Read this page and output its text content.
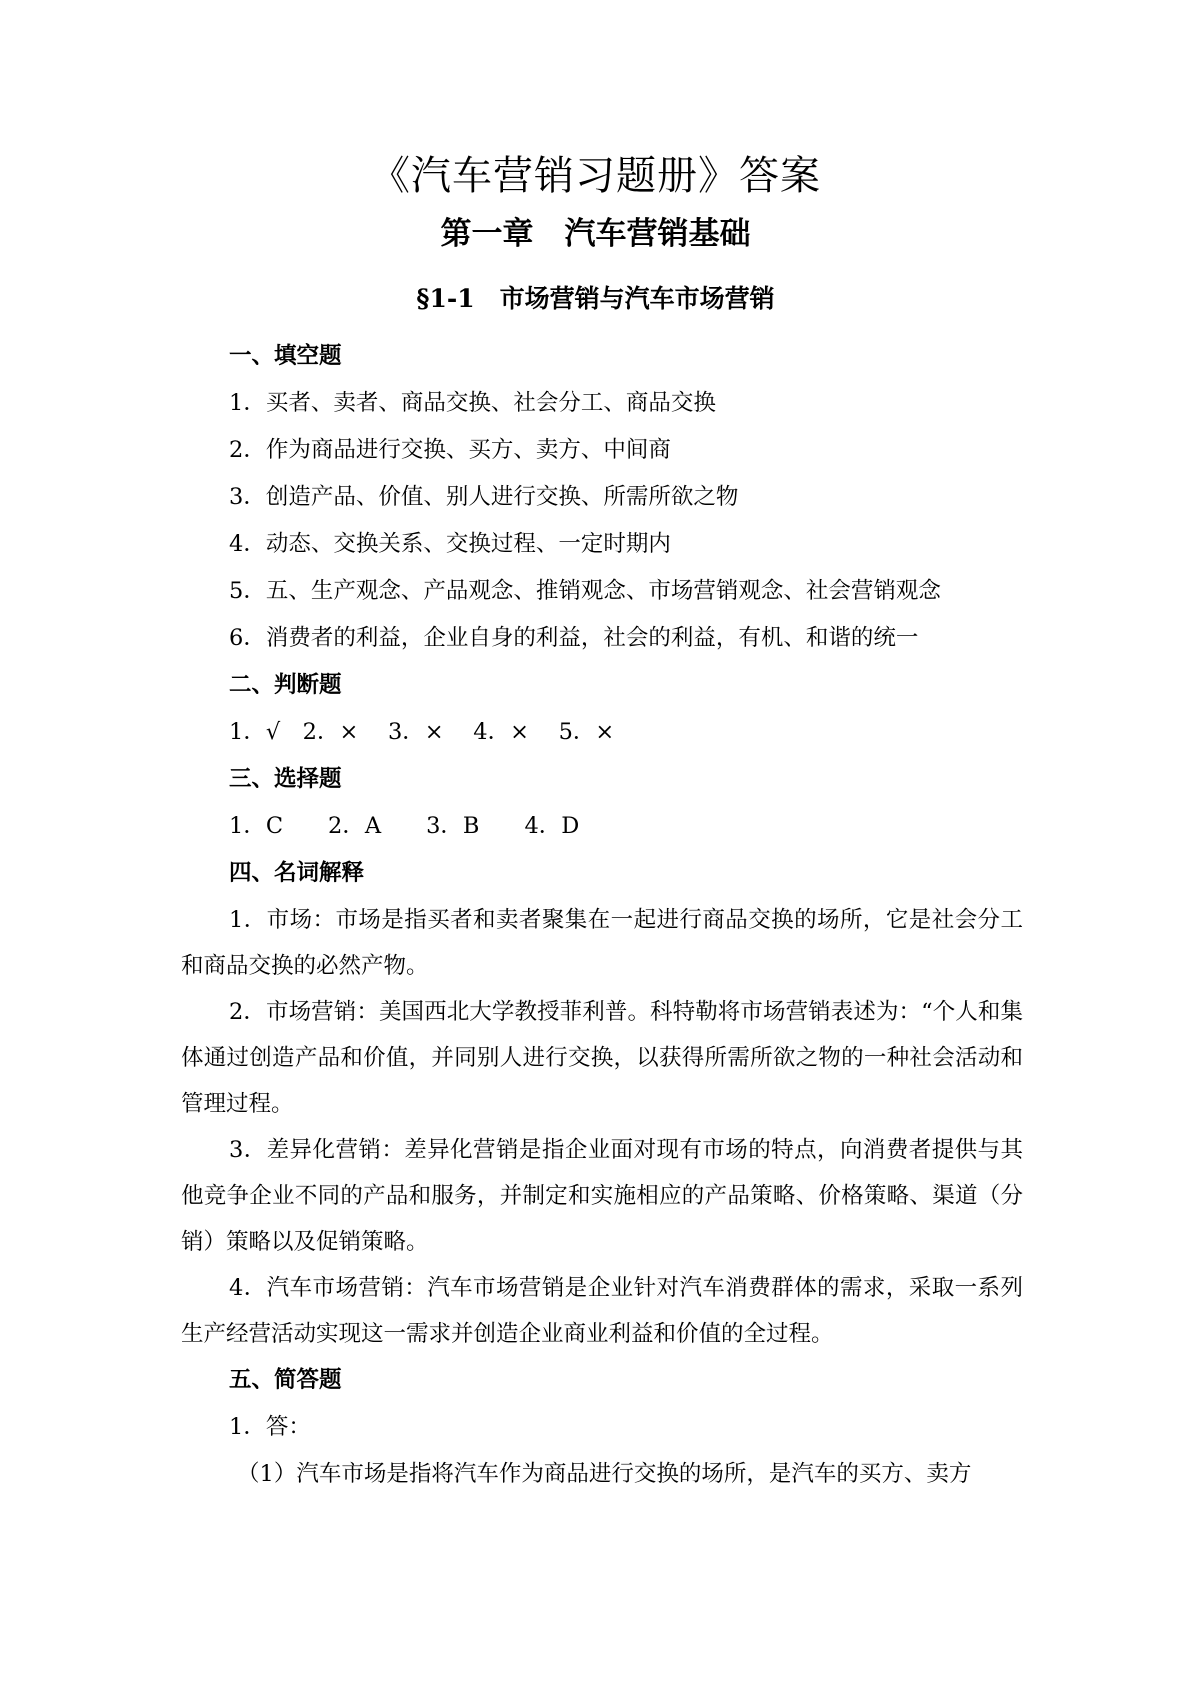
《汽车营销习题册》答案
第一章　汽车营销基础
§1-1　市场营销与汽车市场营销
一、填空题

1．买者、卖者、商品交换、社会分工、商品交换

2．作为商品进行交换、买方、卖方、中间商

3．创造产品、价值、别人进行交换、所需所欲之物

4．动态、交换关系、交换过程、一定时期内

5．五、生产观念、产品观念、推销观念、市场营销观念、社会营销观念

6．消费者的利益，企业自身的利益，社会的利益，有机、和谐的统一

二、判断题

1．√　2．×　 3．×　 4．×　 5．×

三、选择题

1．C　　2．A　　3．B　　4．D

四、名词解释

1．市场：市场是指买者和卖者聚集在一起进行商品交换的场所，它是社会分工和商品交换的必然产物。

2．市场营销：美国西北大学教授菲利普。科特勒将市场营销表述为：“个人和集体通过创造产品和价值，并同别人进行交换，以获得所需所欲之物的一种社会活动和管理过程。

3．差异化营销：差异化营销是指企业面对现有市场的特点，向消费者提供与其他竞争企业不同的产品和服务，并制定和实施相应的产品策略、价格策略、渠道（分销）策略以及促销策略。

4．汽车市场营销：汽车市场营销是企业针对汽车消费群体的需求，采取一系列生产经营活动实现这一需求并创造企业商业利益和价值的全过程。

五、简答题

1．答：

（1）汽车市场是指将汽车作为商品进行交换的场所，是汽车的买方、卖方
